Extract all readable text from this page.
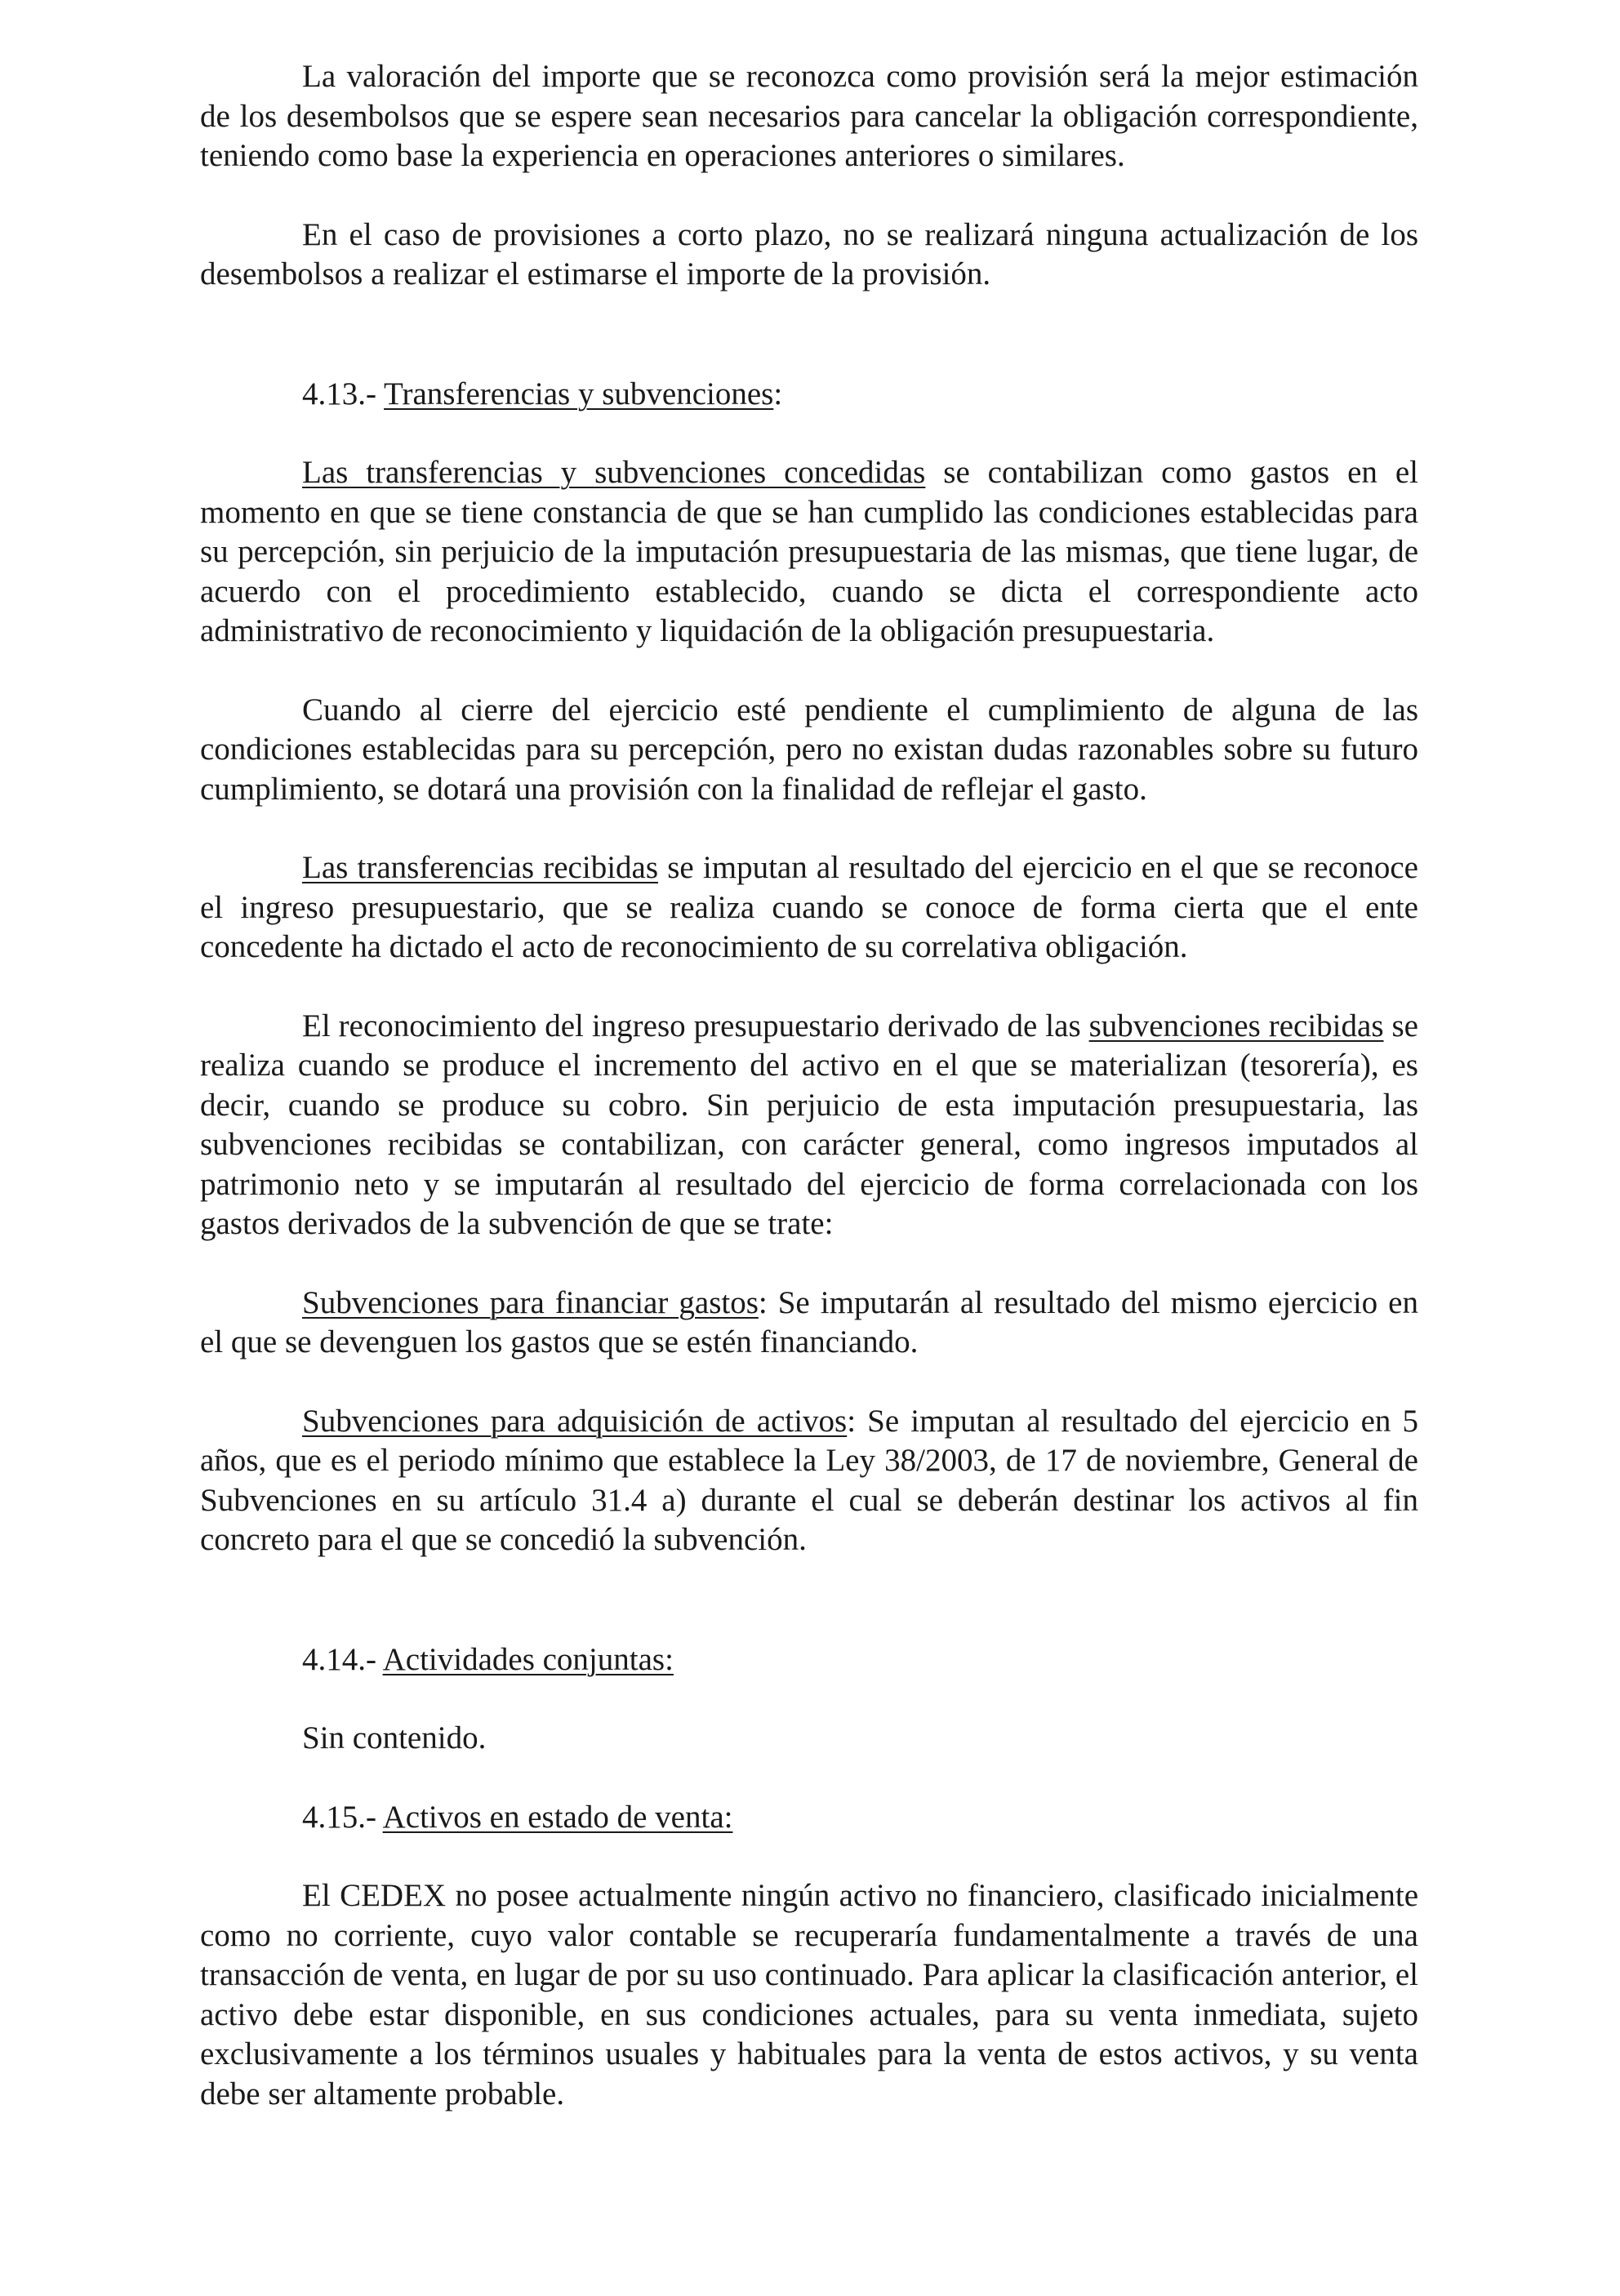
La valoración del importe que se reconozca como provisión será la mejor estimación de los desembolsos que se espere sean necesarios para cancelar la obligación correspondiente, teniendo como base la experiencia en operaciones anteriores o similares.

En el caso de provisiones a corto plazo, no se realizará ninguna actualización de los desembolsos a realizar el estimarse el importe de la provisión.

4.13.- Transferencias y subvenciones:

Las transferencias y subvenciones concedidas se contabilizan como gastos en el momento en que se tiene constancia de que se han cumplido las condiciones establecidas para su percepción, sin perjuicio de la imputación presupuestaria de las mismas, que tiene lugar, de acuerdo con el procedimiento establecido, cuando se dicta el correspondiente acto administrativo de reconocimiento y liquidación de la obligación presupuestaria.

Cuando al cierre del ejercicio esté pendiente el cumplimiento de alguna de las condiciones establecidas para su percepción, pero no existan dudas razonables sobre su futuro cumplimiento, se dotará una provisión con la finalidad de reflejar el gasto.

Las transferencias recibidas se imputan al resultado del ejercicio en el que se reconoce el ingreso presupuestario, que se realiza cuando se conoce de forma cierta que el ente concedente ha dictado el acto de reconocimiento de su correlativa obligación.

El reconocimiento del ingreso presupuestario derivado de las subvenciones recibidas se realiza cuando se produce el incremento del activo en el que se materializan (tesorería), es decir, cuando se produce su cobro. Sin perjuicio de esta imputación presupuestaria, las subvenciones recibidas se contabilizan, con carácter general, como ingresos imputados al patrimonio neto y se imputarán al resultado del ejercicio de forma correlacionada con los gastos derivados de la subvención de que se trate:

Subvenciones para financiar gastos: Se imputarán al resultado del mismo ejercicio en el que se devenguen los gastos que se estén financiando.

Subvenciones para adquisición de activos: Se imputan al resultado del ejercicio en 5 años, que es el periodo mínimo que establece la Ley 38/2003, de 17 de noviembre, General de Subvenciones en su artículo 31.4 a) durante el cual se deberán destinar los activos al fin concreto para el que se concedió la subvención.

4.14.- Actividades conjuntas:

Sin contenido.

4.15.- Activos en estado de venta:

El CEDEX no posee actualmente ningún activo no financiero, clasificado inicialmente como no corriente, cuyo valor contable se recuperaría fundamentalmente a través de una transacción de venta, en lugar de por su uso continuado. Para aplicar la clasificación anterior, el activo debe estar disponible, en sus condiciones actuales, para su venta inmediata, sujeto exclusivamente a los términos usuales y habituales para la venta de estos activos, y su venta debe ser altamente probable.
